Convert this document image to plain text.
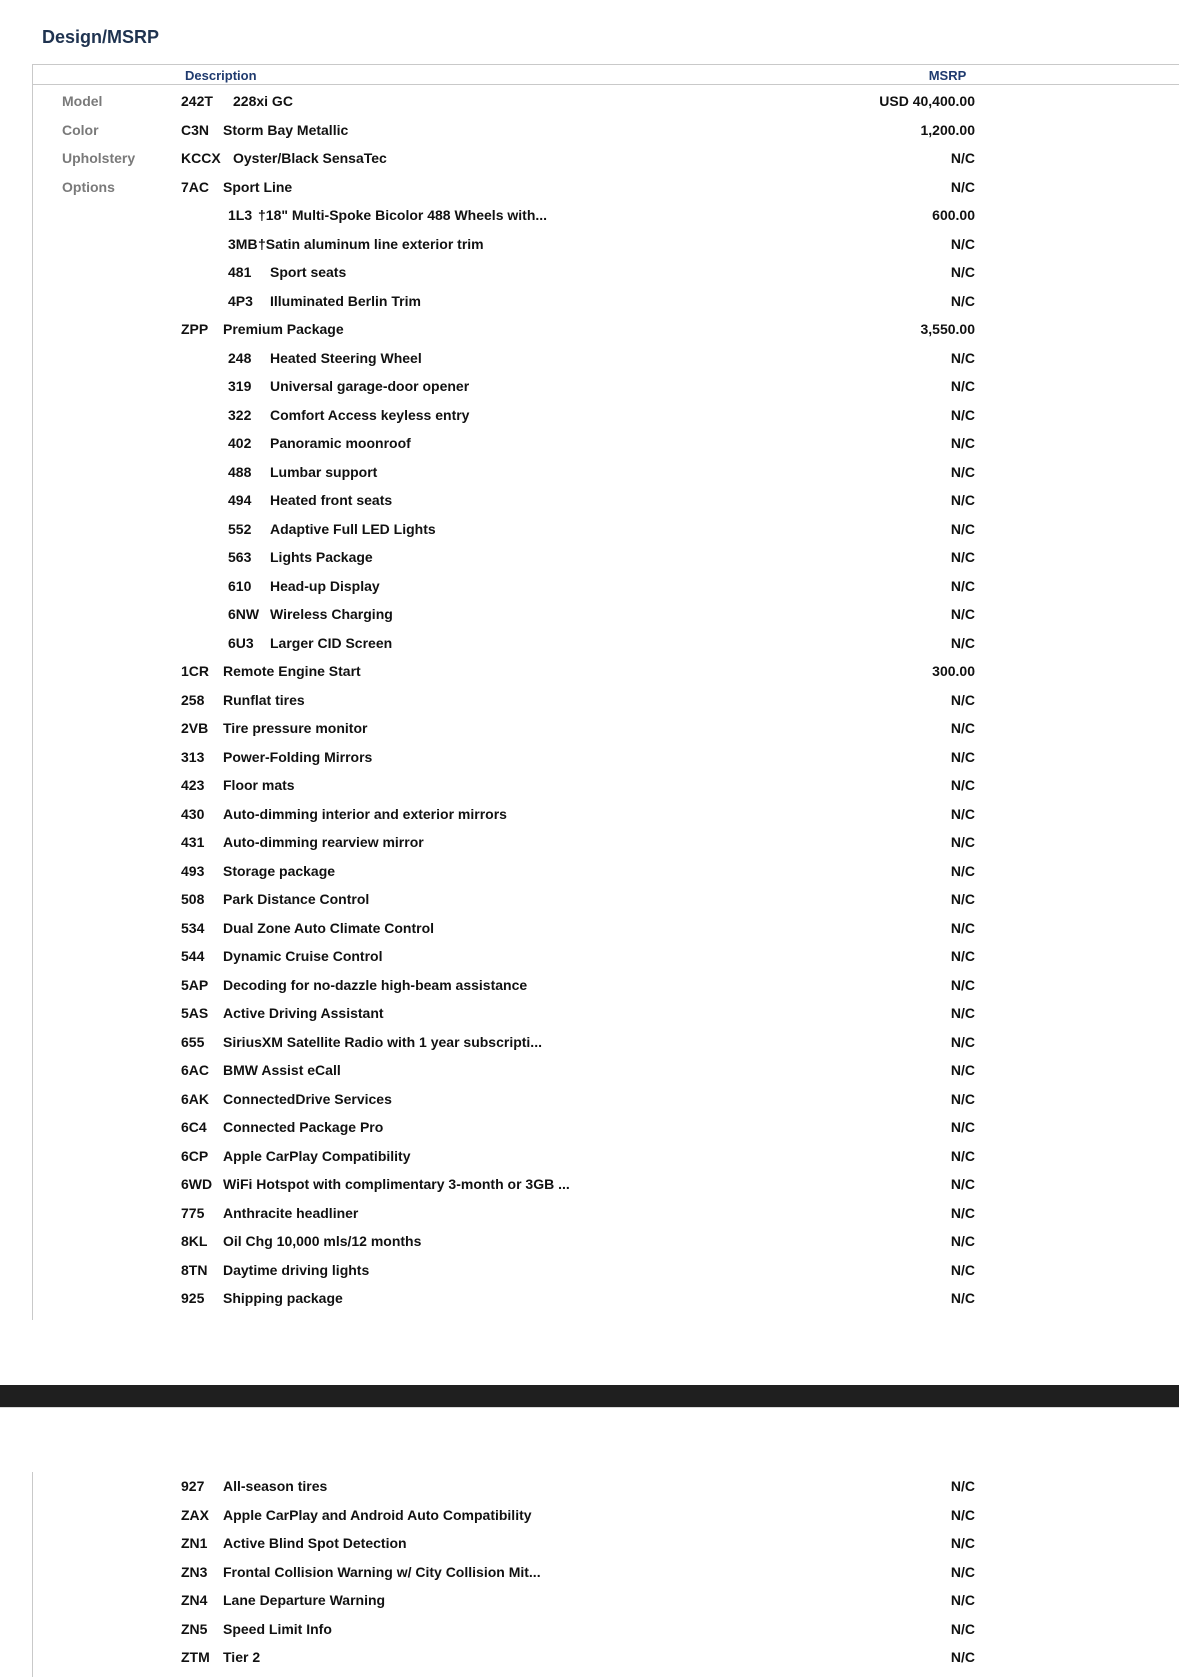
Design/MSRP
Description	MSRP
Model	242T 228xi GC	USD 40,400.00
Color	C3N Storm Bay Metallic	1,200.00
Upholstery	KCCX Oyster/Black SensaTec	N/C
Options	7AC Sport Line	N/C
1L3 †18" Multi-Spoke Bicolor 488 Wheels with...	600.00
3MB †Satin aluminum line exterior trim	N/C
481 Sport seats	N/C
4P3 Illuminated Berlin Trim	N/C
ZPP Premium Package	3,550.00
248 Heated Steering Wheel	N/C
319 Universal garage-door opener	N/C
322 Comfort Access keyless entry	N/C
402 Panoramic moonroof	N/C
488 Lumbar support	N/C
494 Heated front seats	N/C
552 Adaptive Full LED Lights	N/C
563 Lights Package	N/C
610 Head-up Display	N/C
6NW Wireless Charging	N/C
6U3 Larger CID Screen	N/C
1CR Remote Engine Start	300.00
258 Runflat tires	N/C
2VB Tire pressure monitor	N/C
313 Power-Folding Mirrors	N/C
423 Floor mats	N/C
430 Auto-dimming interior and exterior mirrors	N/C
431 Auto-dimming rearview mirror	N/C
493 Storage package	N/C
508 Park Distance Control	N/C
534 Dual Zone Auto Climate Control	N/C
544 Dynamic Cruise Control	N/C
5AP Decoding for no-dazzle high-beam assistance	N/C
5AS Active Driving Assistant	N/C
655 SiriusXM Satellite Radio with 1 year subscripti...	N/C
6AC BMW Assist eCall	N/C
6AK ConnectedDrive Services	N/C
6C4 Connected Package Pro	N/C
6CP Apple CarPlay Compatibility	N/C
6WD WiFi Hotspot with complimentary 3-month or 3GB ...	N/C
775 Anthracite headliner	N/C
8KL Oil Chg 10,000 mls/12 months	N/C
8TN Daytime driving lights	N/C
925 Shipping package	N/C
927 All-season tires	N/C
ZAX Apple CarPlay and Android Auto Compatibility	N/C
ZN1 Active Blind Spot Detection	N/C
ZN3 Frontal Collision Warning w/ City Collision Mit...	N/C
ZN4 Lane Departure Warning	N/C
ZN5 Speed Limit Info	N/C
ZTM Tier 2	N/C
